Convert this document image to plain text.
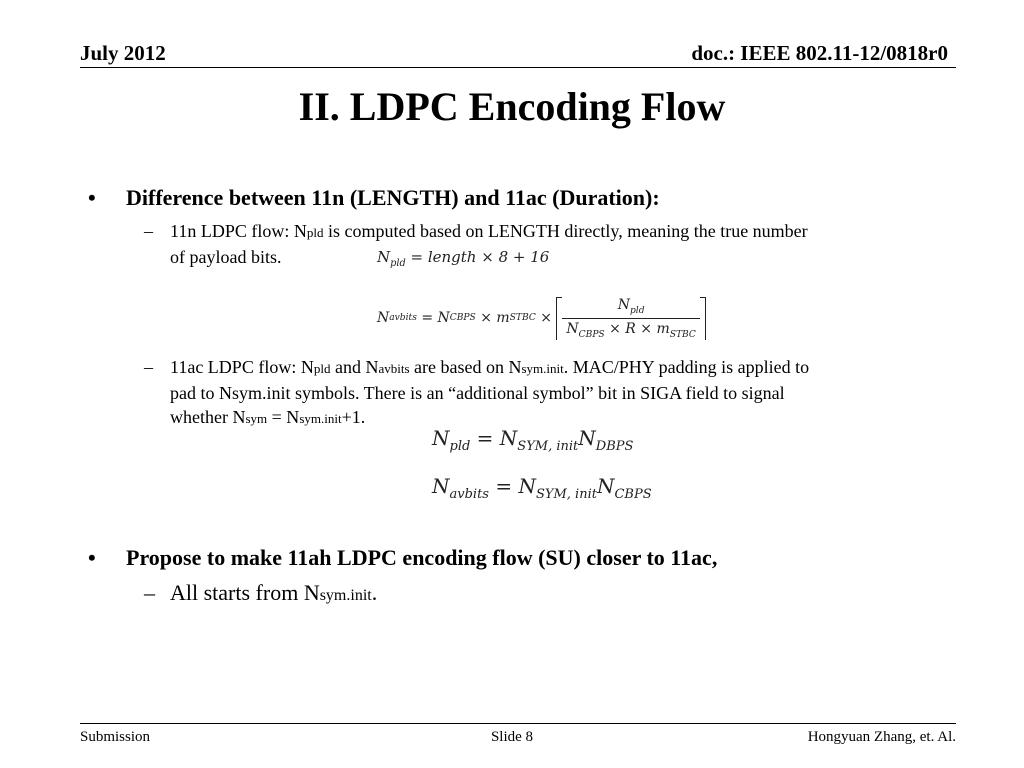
July 2012	doc.: IEEE 802.11-12/0818r0
II. LDPC Encoding Flow
• Difference between 11n (LENGTH) and 11ac (Duration):
– 11n LDPC flow: Npld is computed based on LENGTH directly, meaning the true number
of payload bits.	$N_{pld}$ = length × 8 + 16
N avbits = N CBPS × m STBC × $\frac{N_{pld}}{N_{CBPS} \times R \times m_{STBC}}$
– 11ac LDPC flow: Npld and Navbits are based on Nsym.init. MAC/PHY padding is applied to
pad to Nsym.init symbols. There is an “additional symbol” bit in SIGA field to signal
whether Nsym = Nsym.init+1.
$N_{pld} = N_{SYM, init}N_{DBPS}$
$N_{avbits} = N_{SYM, init}N_{CBPS}$
• Propose to make 11ah LDPC encoding flow (SU) closer to 11ac,
– All starts from Nsym.init.
Submission	Slide 8	Hongyuan Zhang, et. Al.
